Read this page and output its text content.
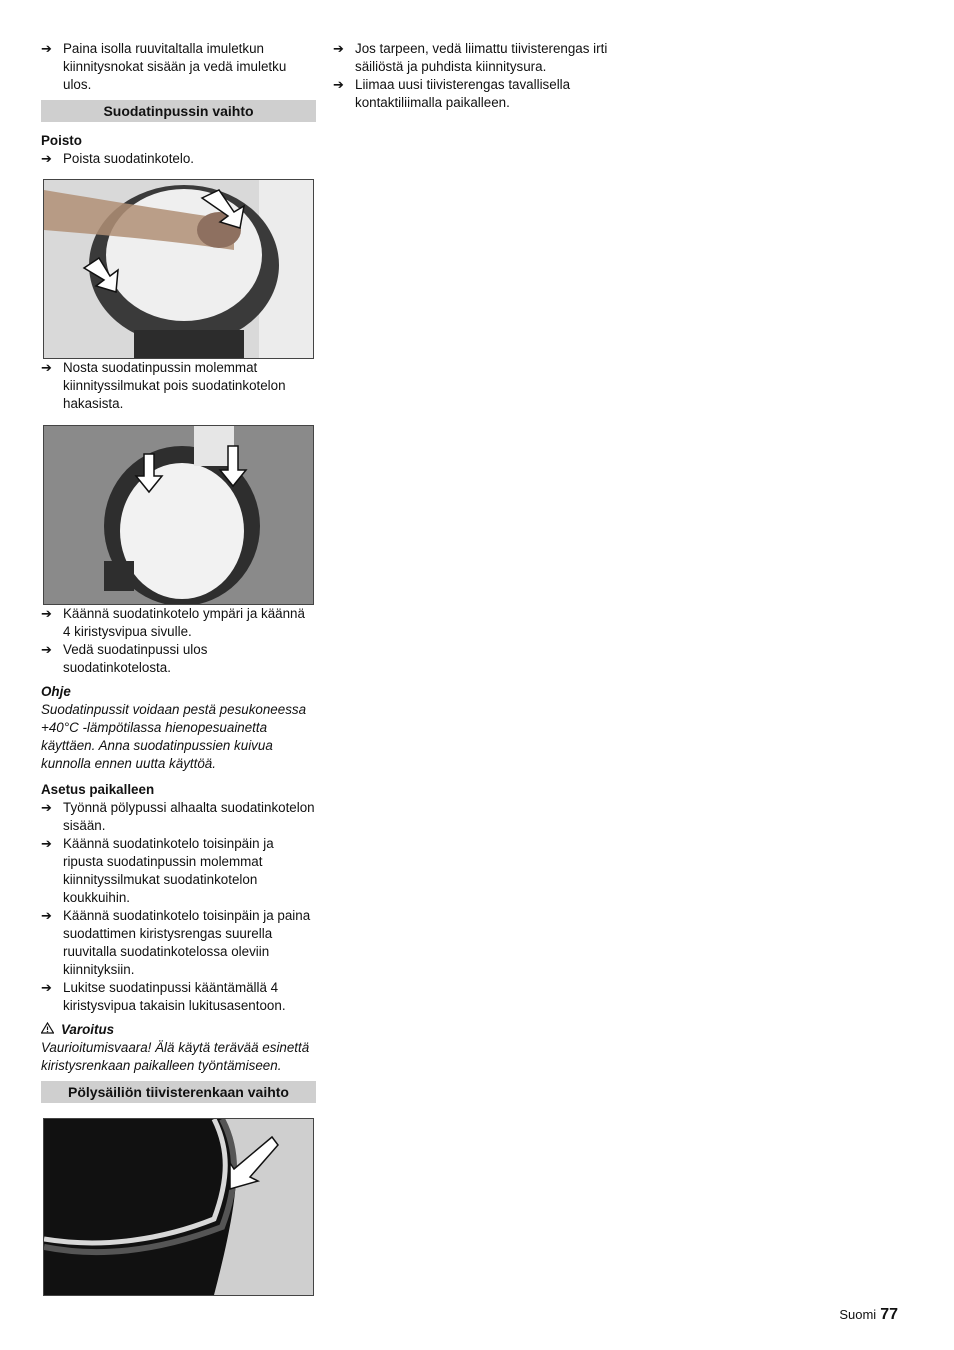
➔ Paina isolla ruuvitaltalla imuletkun kiinnitysnokat sisään ja vedä imuletku ulos.

Suodatinpussin vaihto
Poisto

➔ Poista suodatinkotelo.

➔ Nosta suodatinpussin molemmat kiinnityssilmukat pois suodatinkotelon hakasista.

➔ Käännä suodatinkotelo ympäri ja käännä 4 kiristysvipua sivulle.

➔ Vedä suodatinpussi ulos suodatinkotelosta.

Ohje
Suodatinpussit voidaan pestä pesukoneessa +40°C -lämpötilassa hienopesuainetta käyttäen. Anna suodatinpussien kuivua kunnolla ennen uutta käyttöä.
Asetus paikalleen

➔ Työnnä pölypussi alhaalta suodatinkotelon sisään.

➔ Käännä suodatinkotelo toisinpäin ja ripusta suodatinpussin molemmat kiinnityssilmukat suodatinkotelon koukkuihin.

➔ Käännä suodatinkotelo toisinpäin ja paina suodattimen kiristysrengas suurella ruuvitalla suodatinkotelossa oleviin kiinnityksiin.

➔ Lukitse suodatinpussi kääntämällä 4 kiristysvipua takaisin lukitusasentoon.

Varoitus
Vaurioitumisvaara! Älä käytä terävää esinettä kiristysrenkaan paikalleen työntämiseen.
Pölysäiliön tiivisterenkaan vaihto

➔ Jos tarpeen, vedä liimattu tiivisterengas irti säiliöstä ja puhdista kiinnitysura.

➔ Liimaa uusi tiivisterengas tavallisella kontaktiliimalla paikalleen.

Suomi 77
